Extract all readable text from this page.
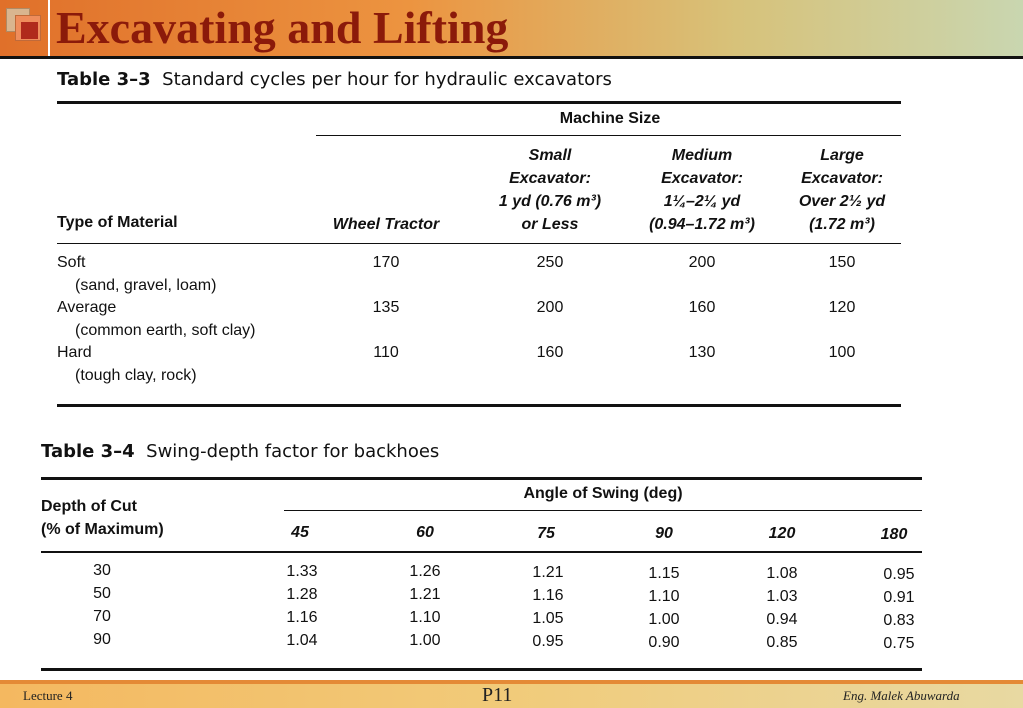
Excavating and Lifting
Table 3–3 Standard cycles per hour for hydraulic excavators
Machine Size
Type of Material	Wheel Tractor
Small
Excavator:
1 yd (0.76 m³)
or Less
Medium
Excavator:
1¼–2¼ yd
(0.94–1.72 m³)
Large
Excavator:
Over 2½ yd
(1.72 m³)
Soft
(sand, gravel, loam)
170	250	200	150
Average
(common earth, soft clay)
135	200	160	120
Hard
(tough clay, rock)
110	160	130	100
Table 3–4 Swing-depth factor for backhoes
Depth of Cut
(% of Maximum)
Angle of Swing (deg)
45	60	75	90	120	180
30	1.33	1.26	1.21	1.15	1.08	0.95
50	1.28	1.21	1.16	1.10	1.03	0.91
70	1.16	1.10	1.05	1.00	0.94	0.83
90	1.04	1.00	0.95	0.90	0.85	0.75
Lecture 4	P11	Eng. Malek Abuwarda
